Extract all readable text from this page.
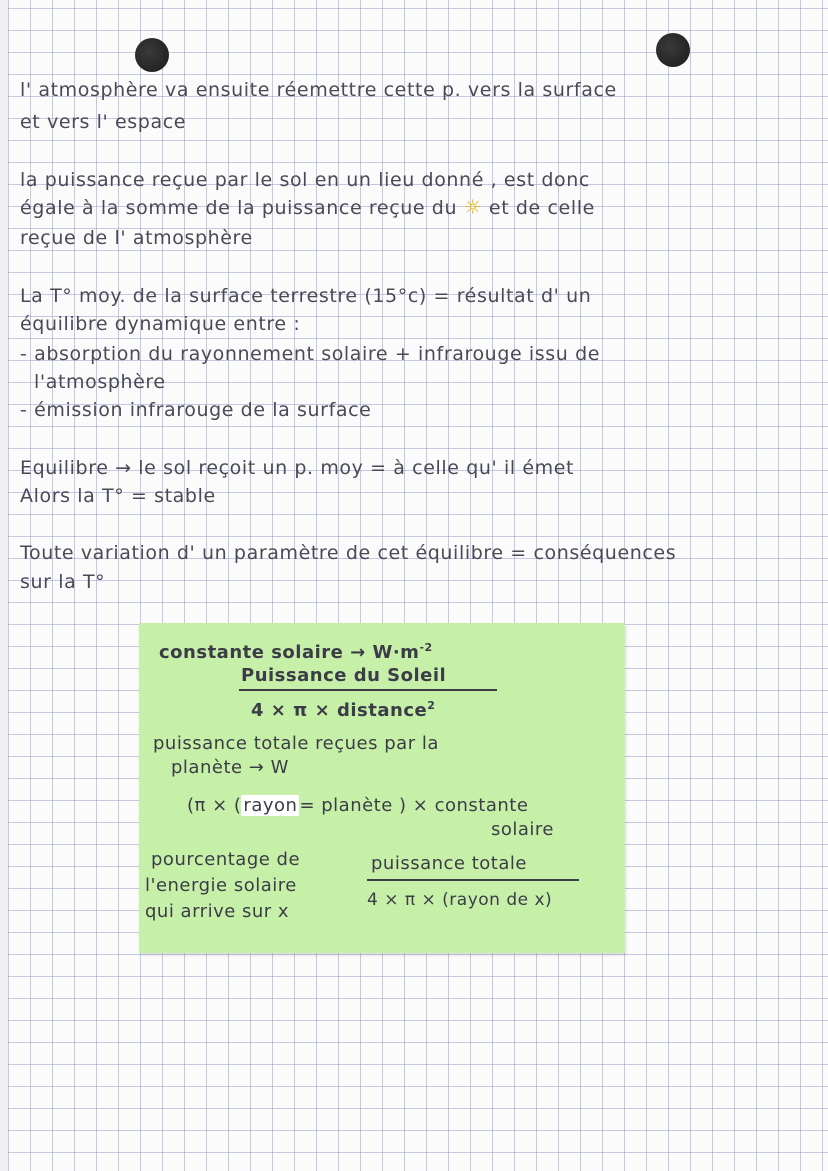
l' atmosphère va ensuite réemettre cette p. vers la surface
et vers l' espace
la puissance reçue par le sol en un lieu donné , est donc
égale à la somme de la puissance reçue du ☼ et de celle
reçue de l' atmosphère
La T° moy. de la surface terrestre (15°c) = résultat d' un
équilibre dynamique entre :
- absorption du rayonnement solaire + infrarouge issu de
l'atmosphère
- émission infrarouge de la surface
Equilibre → le sol reçoit un p. moy = à celle qu' il émet
Alors la T° = stable
Toute variation d' un paramètre de cet équilibre = conséquences
sur la T°
constante solaire → $W\cdot m^{-2}$
Puissance du Soleil
4 × π × distance$^2$
puissance totale reçues par la
planète → W
(π × ( rayon = planète ) × constante
solaire
pourcentage de
l'energie solaire
qui arrive sur x
puissance totale
4 × π × (rayon de x)
